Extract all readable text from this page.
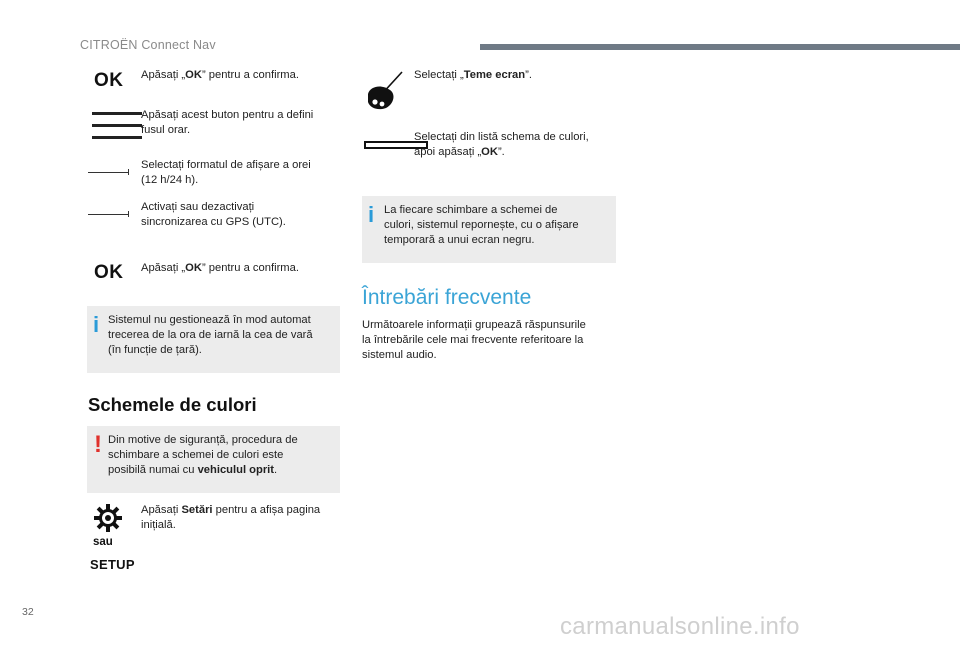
CITROËN Connect Nav
OK Apăsați „OK” pentru a confirma.
Apăsați acest buton pentru a defini
fusul orar.
Selectați formatul de afișare a orei
(12 h/24 h).
Activați sau dezactivați
sincronizarea cu GPS (UTC).
OK Apăsați „OK” pentru a confirma.
i Sistemul nu gestionează în mod automat
trecerea de la ora de iarnă la cea de vară
(în funcție de țară).
Schemele de culori
! Din motive de siguranță, procedura de
schimbare a schemei de culori este
posibilă numai cu vehiculul oprit.
sau
SETUP
Apăsați Setări pentru a afișa pagina
inițială.
Selectați „Teme ecran”.
Selectați din listă schema de culori,
apoi apăsați „OK”.
i La fiecare schimbare a schemei de
culori, sistemul repornește, cu o afișare
temporară a unui ecran negru.
Întrebări frecvente
Următoarele informații grupează răspunsurile
la întrebările cele mai frecvente referitoare la
sistemul audio.
32
carmanualsonline.info
